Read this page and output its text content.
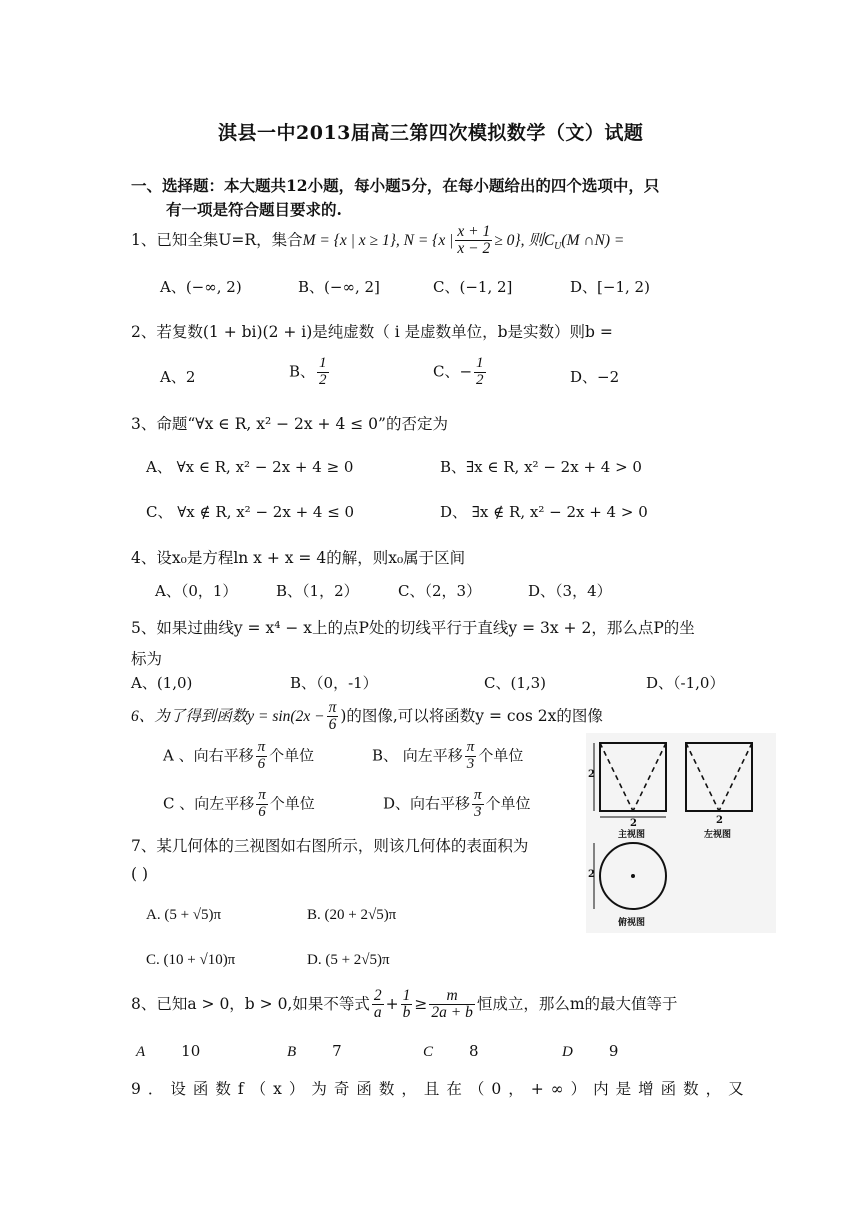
淇县一中2013届高三第四次模拟数学（文）试题
一、选择题：本大题共12小题，每小题5分，在每小题给出的四个选项中，只
有一项是符合题目要求的.
1、已知全集U=R，集合M = {x | x ≥ 1}, N = {x | $\frac{x + 1}{x - 2} \ge 0$}, 则$C_U(M$ ∩N) =
A、(−∞, 2)	B、(−∞, 2]	C、(−1, 2]	D、[−1, 2)
2、若复数(1 + bi)(2 + i)是纯虚数（ i 是虚数单位，b是实数）则b =
A、2	B、 $\frac{1}{2}$	C、− $\frac{1}{2}$	D、−2
3、命题“∀x ∈ R, x² − 2x + 4 ≤ 0”的否定为
A、 ∀x ∈ R, x² − 2x + 4 ≥ 0	B、∃x ∈ R, x² − 2x + 4 > 0
C、 ∀x ∉ R, x² − 2x + 4 ≤ 0	D、 ∃x ∉ R, x² − 2x + 4 > 0
4、设x₀是方程ln x + x = 4的解，则x₀属于区间
A、（0，1）	B、（1，2）	C、（2，3）	D、（3，4）
5、如果过曲线y = x⁴ − x上的点P处的切线平行于直线y = 3x + 2，那么点P的坐
标为
A、(1,0)	B、（0，-1）	C、(1,3)	D、（-1,0）
6、为了得到函数$y = \sin(2x - \frac{\pi}{6}$ )的图像,可以将函数y = cos 2x的图像
A 、向右平移 $\frac{\pi}{6}$ 个单位	B、 向左平移 $\frac{\pi}{3}$ 个单位
C 、向左平移 $\frac{\pi}{6}$ 个单位	D、向右平移 $\frac{\pi}{3}$ 个单位
2
2	2
主视图	左视图
2
俯视图
7、某几何体的三视图如右图所示，则该几何体的表面积为
( )
A. (5 + √5)π	B. (20 + 2√5)π
C. (10 + √10)π	D. (5 + 2√5)π
8、已知a > 0，b > 0,如果不等式 $\frac{2}{a} + \frac{1}{b} \ge \frac{m}{2a + b}$ 恒成立，那么m的最大值等于
A 10	B 7	C 8	D 9
9．设函数f（x）为奇函数，且在（0，+∞）内是增函数，又
